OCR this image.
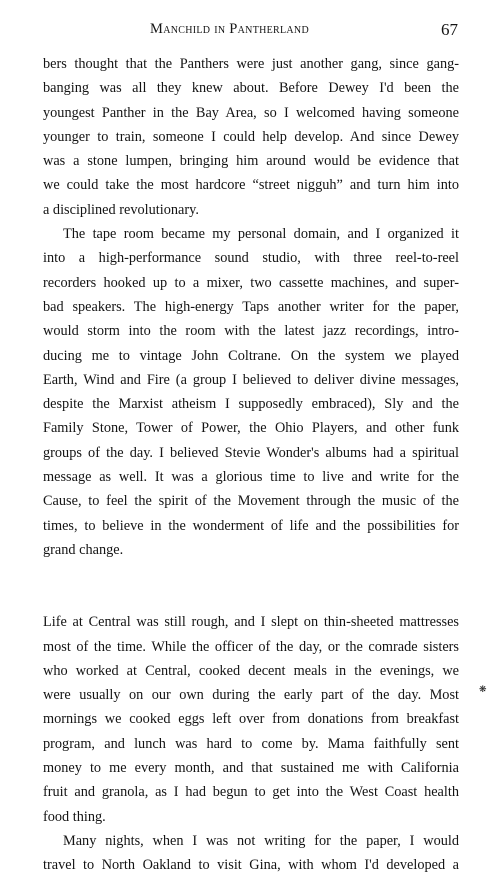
Manchild in Pantherland	67
bers thought that the Panthers were just another gang, since gang-
banging was all they knew about. Before Dewey I'd been the
youngest Panther in the Bay Area, so I welcomed having someone
younger to train, someone I could help develop. And since Dewey
was a stone lumpen, bringing him around would be evidence that
we could take the most hardcore “street nigguh” and turn him into
a disciplined revolutionary.
The tape room became my personal domain, and I organized it
into a high-performance sound studio, with three reel-to-reel
recorders hooked up to a mixer, two cassette machines, and super-
bad speakers. The high-energy Taps another writer for the paper,
would storm into the room with the latest jazz recordings, intro-
ducing me to vintage John Coltrane. On the system we played
Earth, Wind and Fire (a group I believed to deliver divine messages,
despite the Marxist atheism I supposedly embraced), Sly and the
Family Stone, Tower of Power, the Ohio Players, and other funk
groups of the day. I believed Stevie Wonder's albums had a spiritual
message as well. It was a glorious time to live and write for the
Cause, to feel the spirit of the Movement through the music of the
times, to believe in the wonderment of life and the possibilities for
grand change.
Life at Central was still rough, and I slept on thin-sheeted mattresses
most of the time. While the officer of the day, or the comrade sisters
who worked at Central, cooked decent meals in the evenings, we
were usually on our own during the early part of the day. Most
mornings we cooked eggs left over from donations from breakfast
program, and lunch was hard to come by. Mama faithfully sent
money to me every month, and that sustained me with California
fruit and granola, as I had begun to get into the West Coast health
food thing.
Many nights, when I was not writing for the paper, I would
travel to North Oakland to visit Gina, with whom I'd developed a
❋
